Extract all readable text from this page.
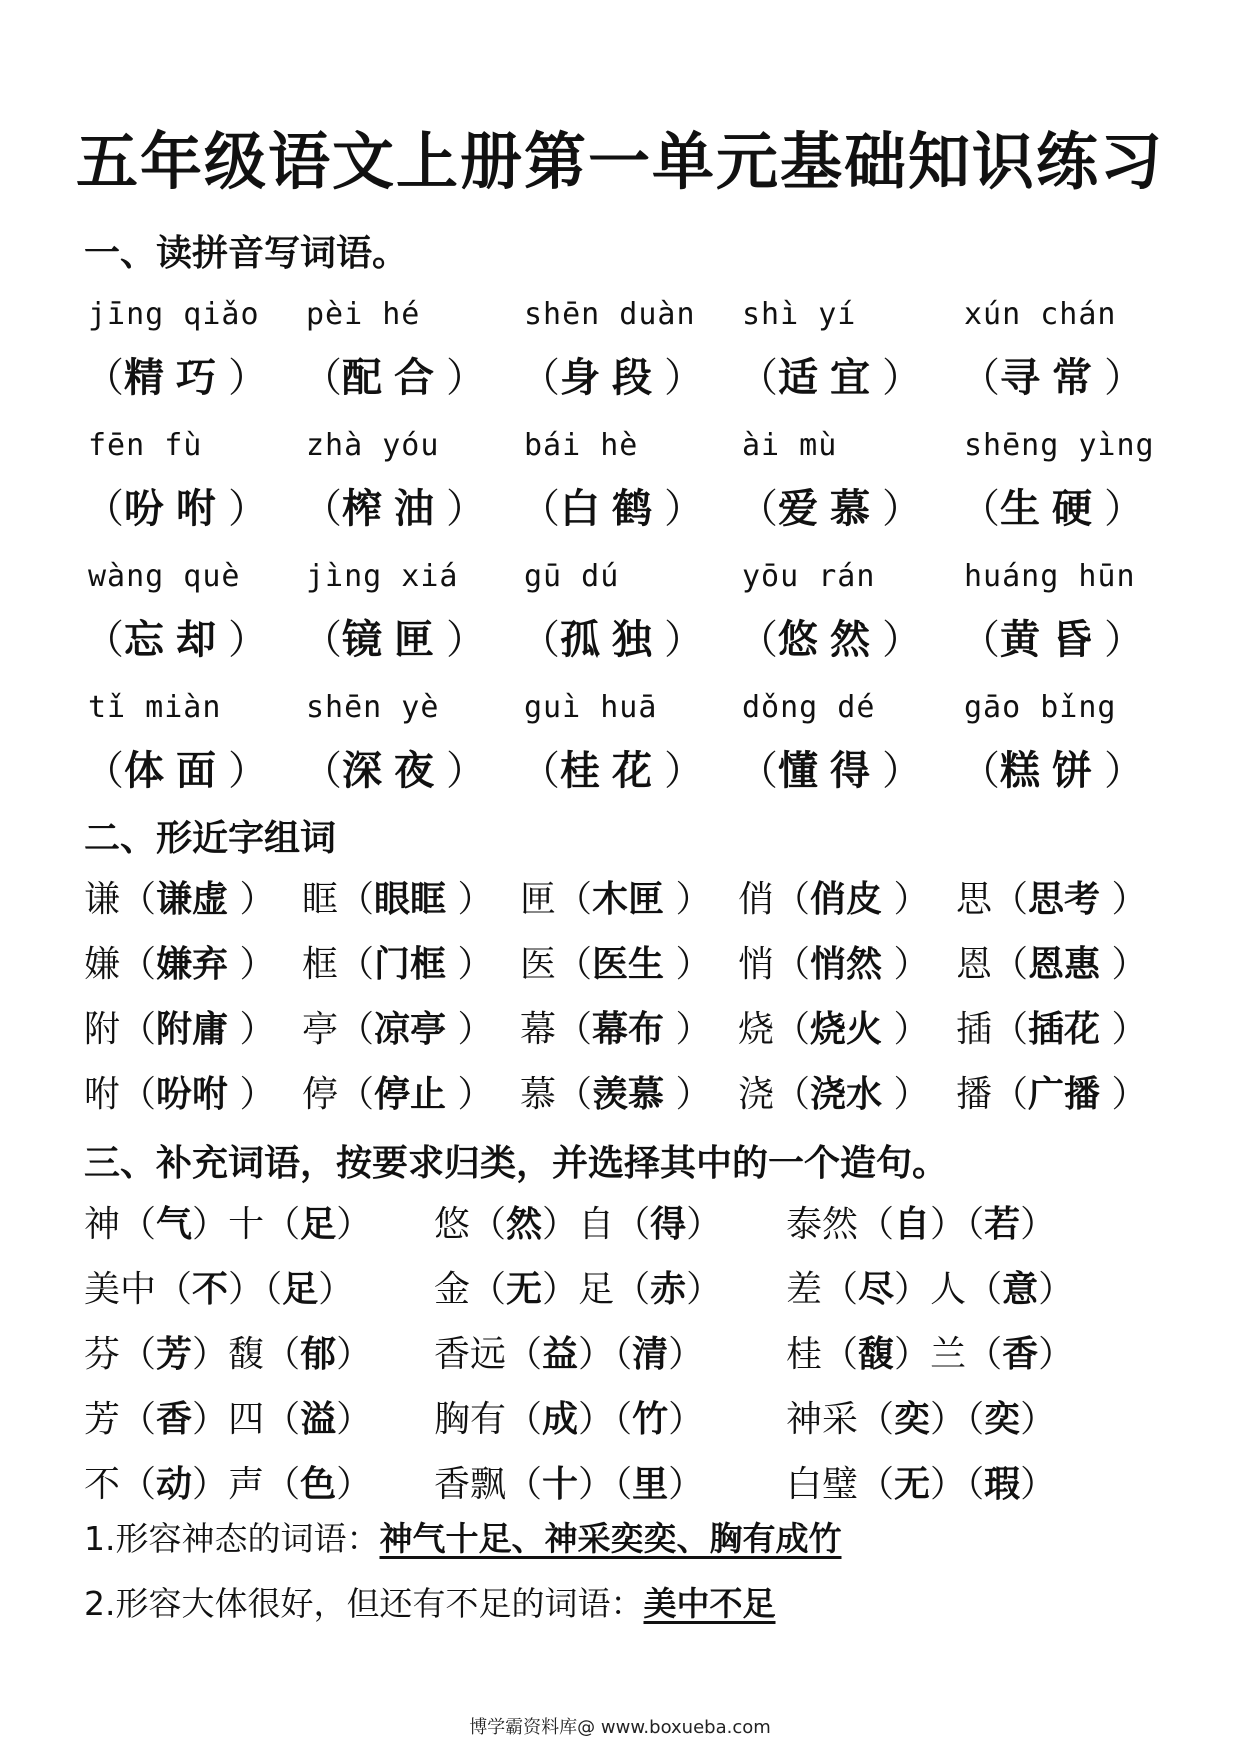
五年级语文上册第一单元基础知识练习
一、读拼音写词语。
jīng qiǎo
（精巧）
pèi hé
（配合）
shēn duàn
（身段）
shì yí
（适宜）
xún chán
（寻常）
fēn fù
（吩咐）
zhà yóu
（榨油）
bái hè
（白鹤）
ài mù
（爱慕）
shēng yìng
（生硬）
wàng què
（忘却）
jìng xiá
（镜匣）
gū dú
（孤独）
yōu rán
（悠然）
huáng hūn
（黄昏）
tǐ miàn
（体面）
shēn yè
（深夜）
guì huā
（桂花）
dǒng dé
（懂得）
gāo bǐng
（糕饼）
二、形近字组词
谦（谦虚 ） 眶（眼眶 ） 匣（木匣 ） 俏（俏皮 ） 思（思考 ）
嫌（嫌弃 ） 框（门框 ） 医（医生 ） 悄（悄然 ） 恩（恩惠 ）
附（附庸 ） 亭（凉亭 ） 幕（幕布 ） 烧（烧火 ） 插（插花 ）
咐（吩咐 ） 停（停止 ） 慕（羡慕 ） 浇（浇水 ） 播（广播 ）
三、补充词语，按要求归类，并选择其中的一个造句。
神（气）十（足） 悠（然）自（得） 泰然（自）（若）
美中（不）（足） 金（无）足（赤） 差（尽）人（意）
芬（芳）馥（郁） 香远（益）（清） 桂（馥）兰（香）
芳（香）四（溢） 胸有（成）（竹） 神采（奕）（奕）
不（动）声（色） 香飘（十）（里） 白璧（无）（瑕）
1.形容神态的词语：神气十足、神采奕奕、胸有成竹
2.形容大体很好，但还有不足的词语：美中不足
博学霸资料库@ www.boxueba.com
